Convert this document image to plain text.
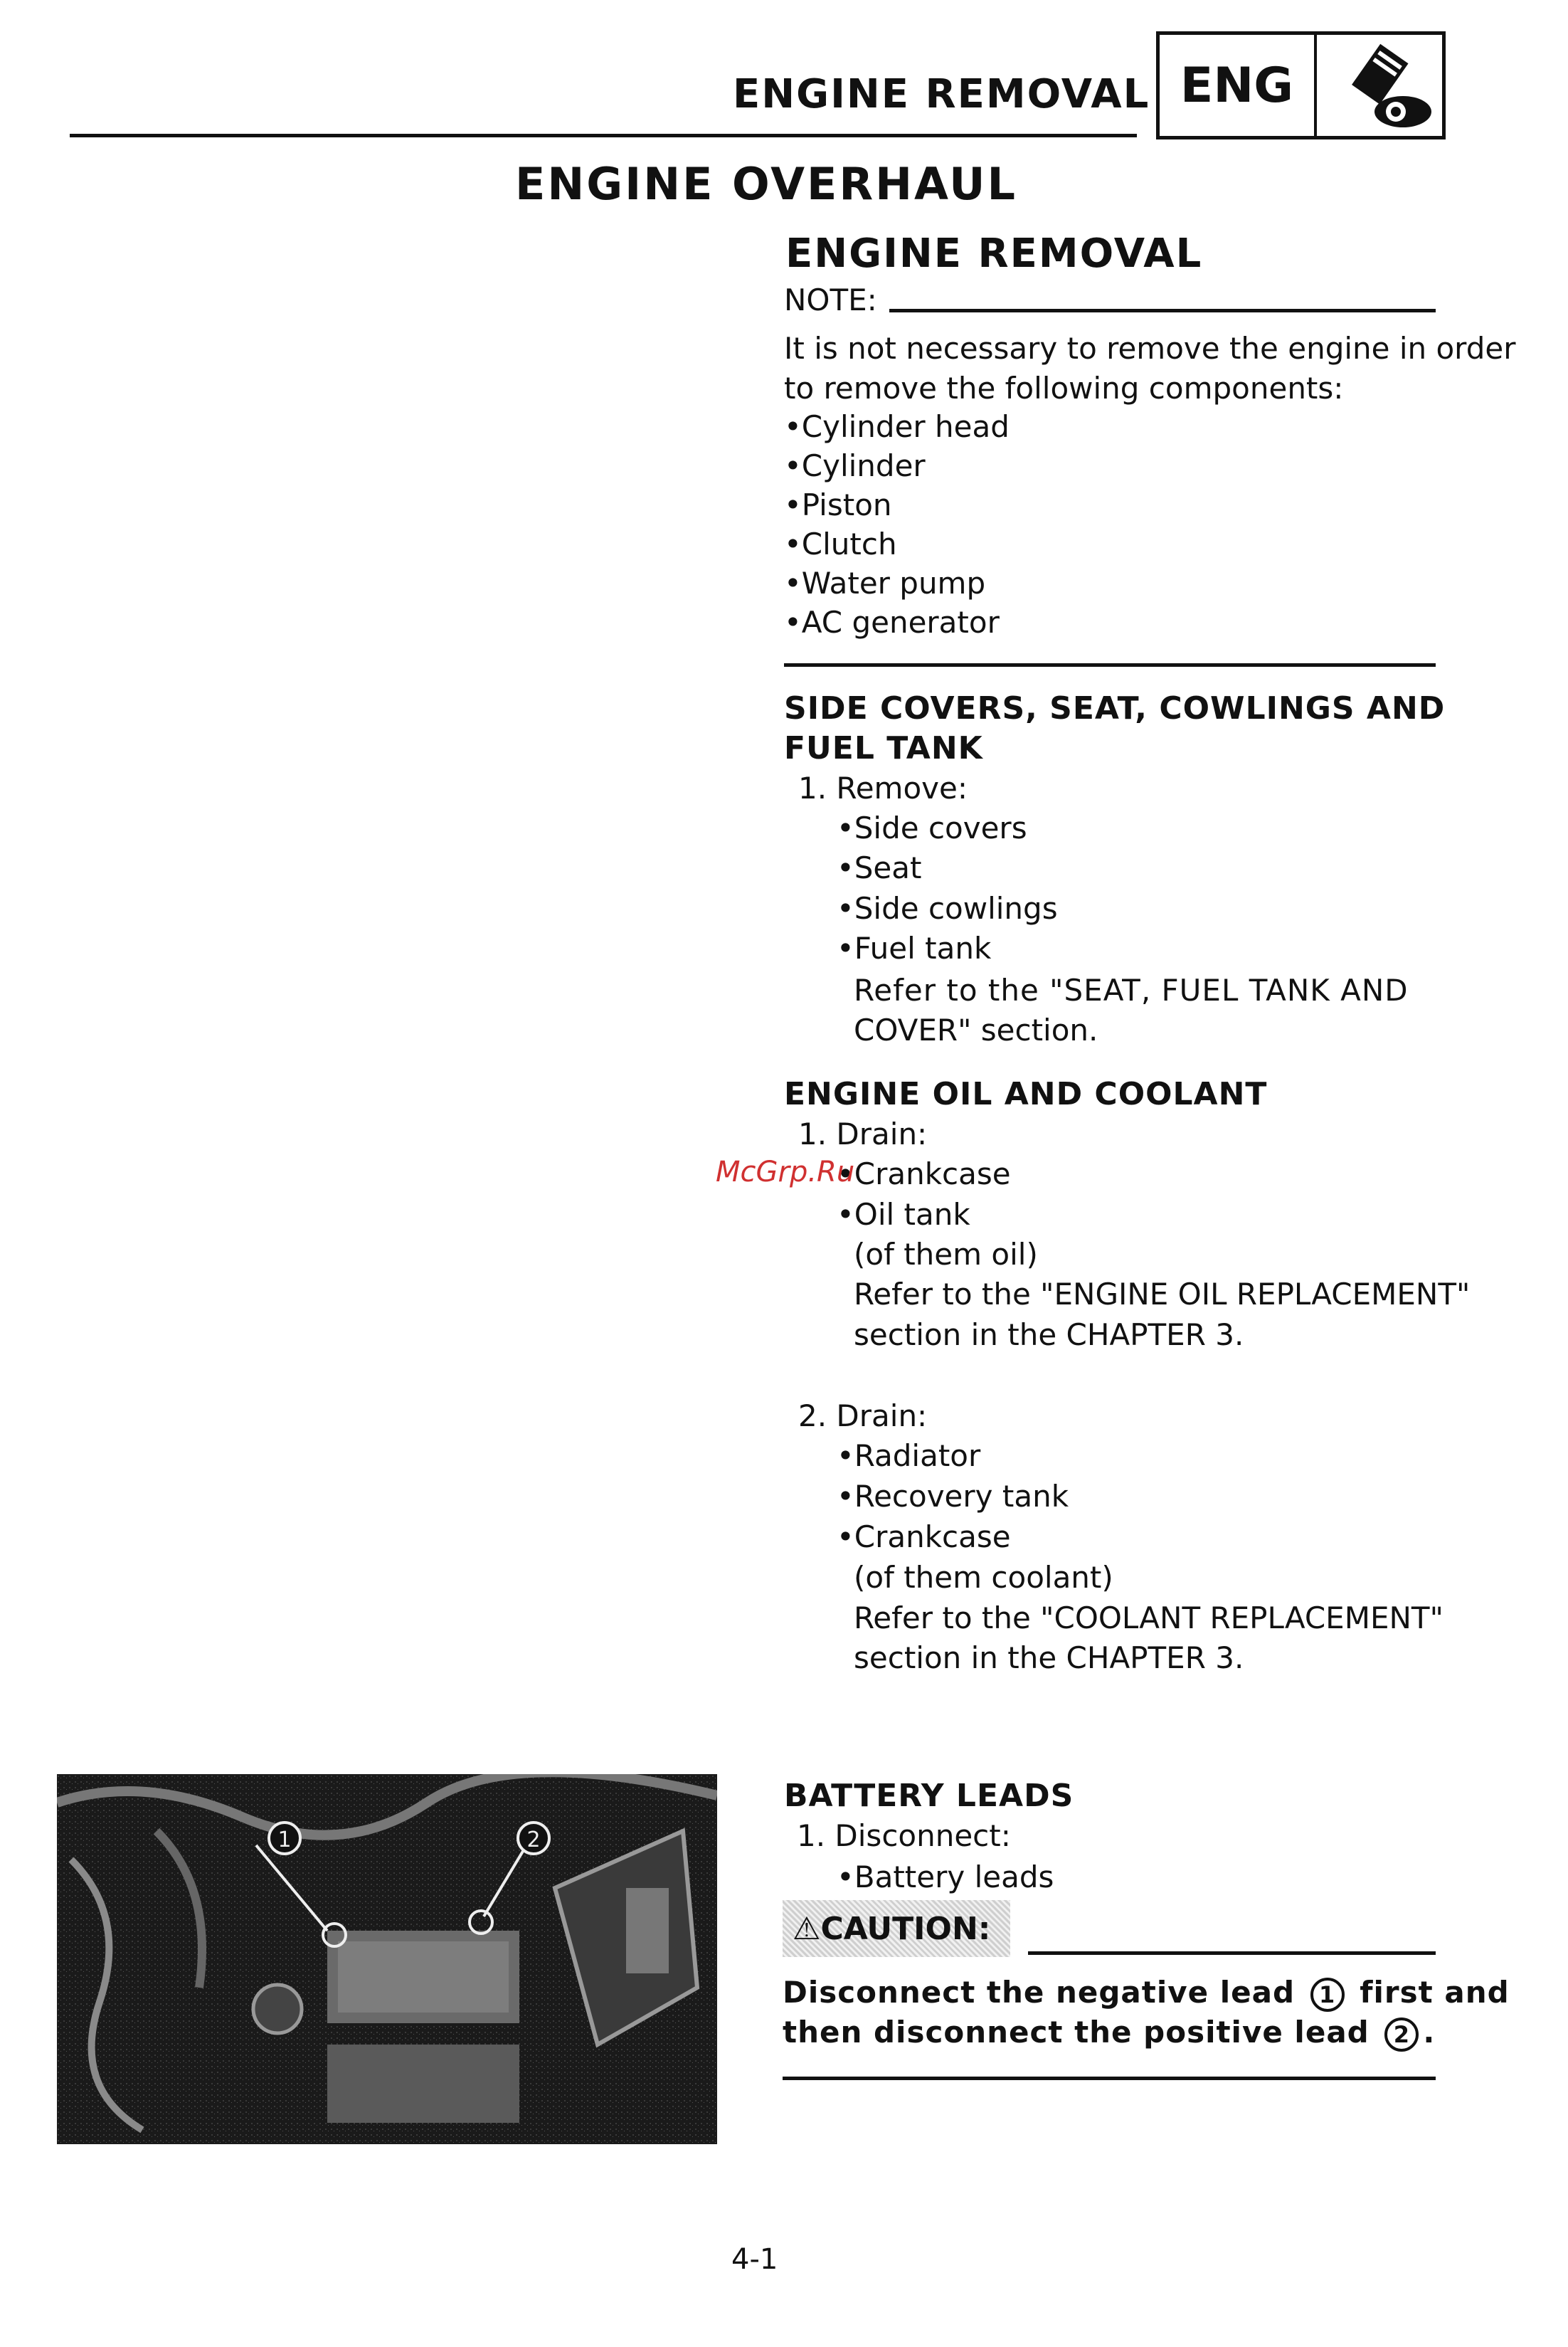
ENGINE REMOVAL ENG
ENGINE OVERHAUL
ENGINE REMOVAL
NOTE:
It is not necessary to remove the engine in order
to remove the following components:
•Cylinder head
•Cylinder
•Piston
•Clutch
•Water pump
•AC generator
SIDE COVERS, SEAT, COWLINGS AND
FUEL TANK
1. Remove:
•Side covers
•Seat
•Side cowlings
•Fuel tank
Refer to the "SEAT, FUEL TANK AND
COVER" section.
ENGINE OIL AND COOLANT
1. Drain:
•Crankcase
•Oil tank
(of them oil)
Refer to the "ENGINE OIL REPLACEMENT"
section in the CHAPTER 3.
2. Drain:
•Radiator
•Recovery tank
•Crankcase
(of them coolant)
Refer to the "COOLANT REPLACEMENT"
section in the CHAPTER 3.
BATTERY LEADS
1. Disconnect:
•Battery leads
⚠CAUTION:
Disconnect the negative lead 1 first and
then disconnect the positive lead 2 .
1	2
McGrp.Ru
4-1
